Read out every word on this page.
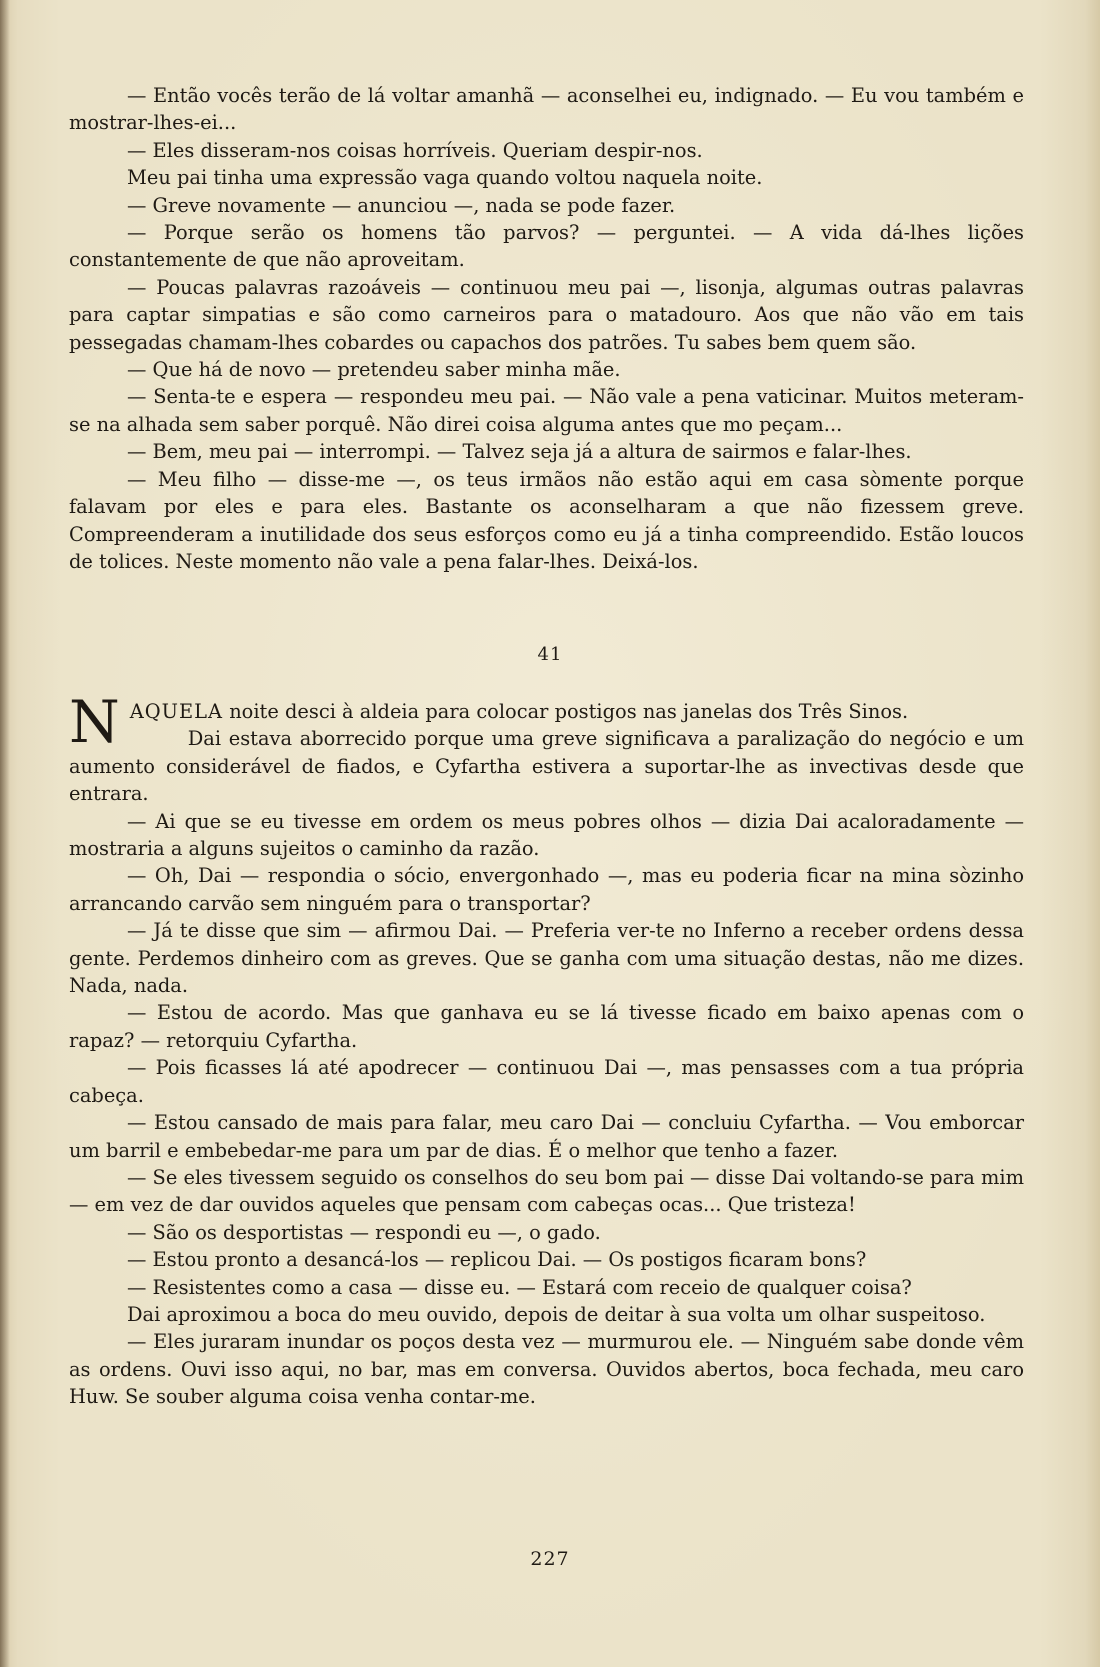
— Então vocês terão de lá voltar amanhã — aconselhei eu, indignado. — Eu vou também e mostrar-lhes-ei...

— Eles disseram-nos coisas horríveis. Queriam despir-nos.

Meu pai tinha uma expressão vaga quando voltou naquela noite.

— Greve novamente — anunciou —, nada se pode fazer.

— Porque serão os homens tão parvos? — perguntei. — A vida dá-lhes lições constantemente de que não aproveitam.

— Poucas palavras razoáveis — continuou meu pai —, lisonja, algumas outras palavras para captar simpatias e são como carneiros para o matadouro. Aos que não vão em tais pessegadas chamam-lhes cobardes ou capachos dos patrões. Tu sabes bem quem são.

— Que há de novo — pretendeu saber minha mãe.

— Senta-te e espera — respondeu meu pai. — Não vale a pena vaticinar. Muitos meteram-se na alhada sem saber porquê. Não direi coisa alguma antes que mo peçam...

— Bem, meu pai — interrompi. — Talvez seja já a altura de sairmos e falar-lhes.

— Meu filho — disse-me —, os teus irmãos não estão aqui em casa sòmente porque falavam por eles e para eles. Bastante os aconselharam a que não fizessem greve. Compreenderam a inutilidade dos seus esforços como eu já a tinha compreendido. Estão loucos de tolices. Neste momento não vale a pena falar-lhes. Deixá-los.

41

NAQUELA noite desci à aldeia para colocar postigos nas janelas dos Três Sinos.

Dai estava aborrecido porque uma greve significava a paralização do negócio e um aumento considerável de fiados, e Cyfartha estivera a suportar-lhe as invectivas desde que entrara.

— Ai que se eu tivesse em ordem os meus pobres olhos — dizia Dai acaloradamente — mostraria a alguns sujeitos o caminho da razão.

— Oh, Dai — respondia o sócio, envergonhado —, mas eu poderia ficar na mina sòzinho arrancando carvão sem ninguém para o transportar?

— Já te disse que sim — afirmou Dai. — Preferia ver-te no Inferno a receber ordens dessa gente. Perdemos dinheiro com as greves. Que se ganha com uma situação destas, não me dizes. Nada, nada.

— Estou de acordo. Mas que ganhava eu se lá tivesse ficado em baixo apenas com o rapaz? — retorquiu Cyfartha.

— Pois ficasses lá até apodrecer — continuou Dai —, mas pensasses com a tua própria cabeça.

— Estou cansado de mais para falar, meu caro Dai — concluiu Cyfartha. — Vou emborcar um barril e embebedar-me para um par de dias. É o melhor que tenho a fazer.

— Se eles tivessem seguido os conselhos do seu bom pai — disse Dai voltando-se para mim — em vez de dar ouvidos aqueles que pensam com cabeças ocas... Que tristeza!

— São os desportistas — respondi eu —, o gado.

— Estou pronto a desancá-los — replicou Dai. — Os postigos ficaram bons?

— Resistentes como a casa — disse eu. — Estará com receio de qualquer coisa?

Dai aproximou a boca do meu ouvido, depois de deitar à sua volta um olhar suspeitoso.

— Eles juraram inundar os poços desta vez — murmurou ele. — Ninguém sabe donde vêm as ordens. Ouvi isso aqui, no bar, mas em conversa. Ouvidos abertos, boca fechada, meu caro Huw. Se souber alguma coisa venha contar-me.

227
